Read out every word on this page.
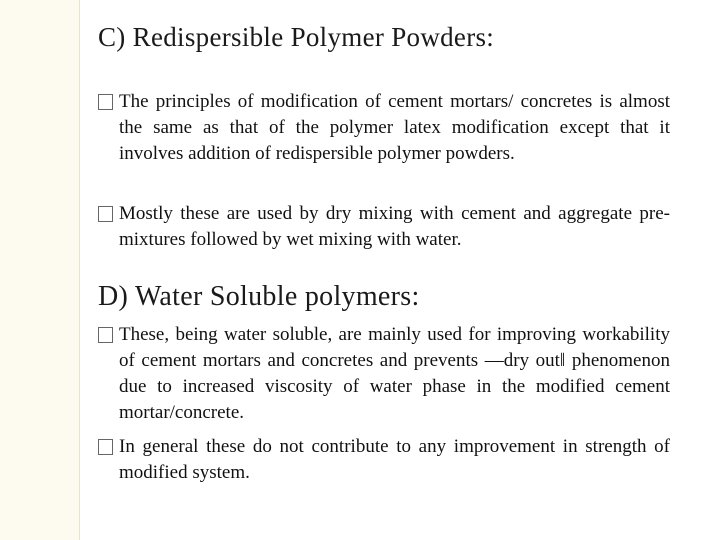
C) Redispersible Polymer Powders:
The principles of modification of cement mortars/ concretes is almost the same as that of the polymer latex modification except that it involves addition of redispersible polymer powders.
Mostly these are used by dry mixing with cement and aggregate pre-mixtures followed by wet mixing with water.
D) Water Soluble polymers:
These, being water soluble, are mainly used for improving workability of cement mortars and concretes and prevents ―dry out‖ phenomenon due to increased viscosity of water phase in the modified cement mortar/concrete.
In general these do not contribute to any improvement in strength of modified system.
